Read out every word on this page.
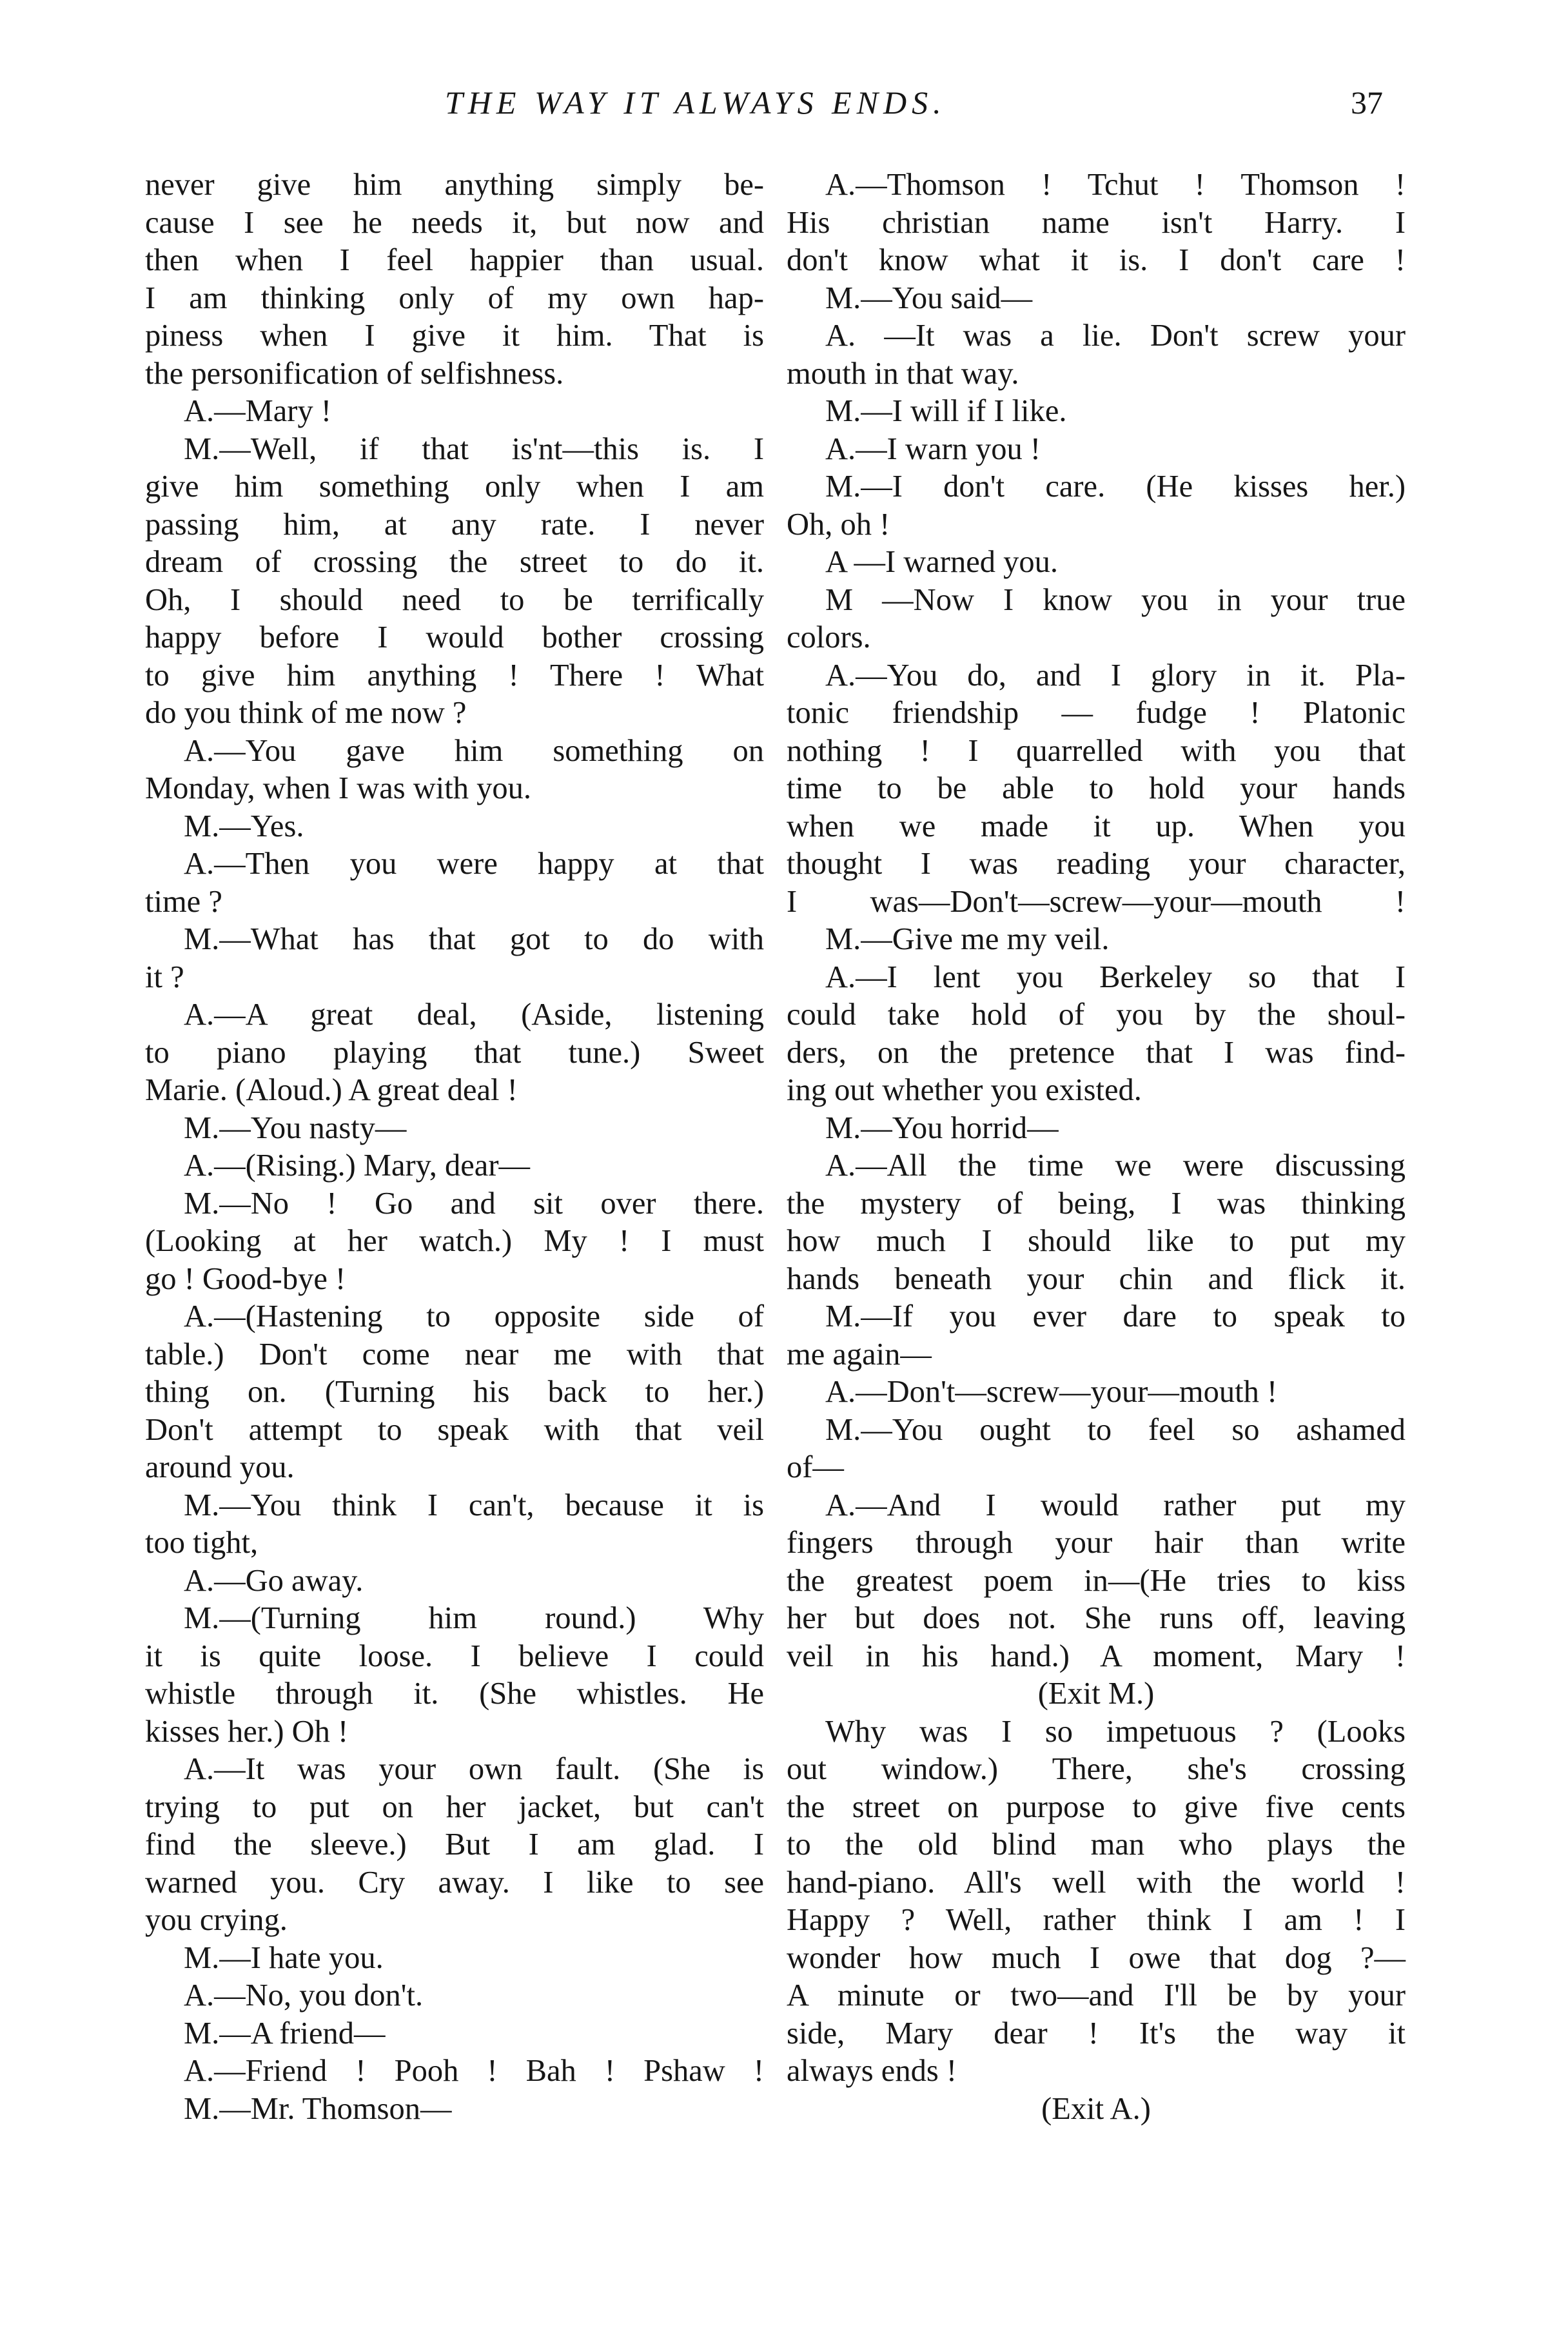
THE WAY IT ALWAYS ENDS.	37

never give him anything simply be-

cause I see he needs it, but now and

then when I feel happier than usual.

I am thinking only of my own hap-

piness when I give it him. That is

the personification of selfishness.

A.—Mary !

M.—Well, if that is'nt—this is. I

give him something only when I am

passing him, at any rate. I never

dream of crossing the street to do it.

Oh, I should need to be terrifically

happy before I would bother crossing

to give him anything ! There ! What

do you think of me now ?

A.—You gave him something on

Monday, when I was with you.

M.—Yes.

A.—Then you were happy at that

time ?

M.—What has that got to do with

it ?

A.—A great deal, (Aside, listening

to piano playing that tune.) Sweet

Marie. (Aloud.) A great deal !

M.—You nasty—

A.—(Rising.) Mary, dear—

M.—No ! Go and sit over there.

(Looking at her watch.) My ! I must

go ! Good-bye !

A.—(Hastening to opposite side of

table.) Don't come near me with that

thing on. (Turning his back to her.)

Don't attempt to speak with that veil

around you.

M.—You think I can't, because it is

too tight,

A.—Go away.

M.—(Turning him round.) Why

it is quite loose. I believe I could

whistle through it. (She whistles. He

kisses her.) Oh !

A.—It was your own fault. (She is

trying to put on her jacket, but can't

find the sleeve.) But I am glad. I

warned you. Cry away. I like to see

you crying.

M.—I hate you.

A.—No, you don't.

M.—A friend—

A.—Friend ! Pooh ! Bah ! Pshaw !

M.—Mr. Thomson—

A.—Thomson ! Tchut ! Thomson !

His christian name isn't Harry. I

don't know what it is. I don't care !

M.—You said—

A. —It was a lie. Don't screw your

mouth in that way.

M.—I will if I like.

A.—I warn you !

M.—I don't care. (He kisses her.)

Oh, oh !

A —I warned you.

M —Now I know you in your true

colors.

A.—You do, and I glory in it. Pla-

tonic friendship — fudge ! Platonic

nothing ! I quarrelled with you that

time to be able to hold your hands

when we made it up. When you

thought I was reading your character,

I was—Don't—screw—your—mouth !

M.—Give me my veil.

A.—I lent you Berkeley so that I

could take hold of you by the shoul-

ders, on the pretence that I was find-

ing out whether you existed.

M.—You horrid—

A.—All the time we were discussing

the mystery of being, I was thinking

how much I should like to put my

hands beneath your chin and flick it.

M.—If you ever dare to speak to

me again—

A.—Don't—screw—your—mouth !

M.—You ought to feel so ashamed

of—

A.—And I would rather put my

fingers through your hair than write

the greatest poem in—(He tries to kiss

her but does not. She runs off, leaving

veil in his hand.) A moment, Mary !

(Exit M.)

Why was I so impetuous ? (Looks

out window.) There, she's crossing

the street on purpose to give five cents

to the old blind man who plays the

hand-piano. All's well with the world !

Happy ? Well, rather think I am ! I

wonder how much I owe that dog ?—

A minute or two—and I'll be by your

side, Mary dear ! It's the way it

always ends !

(Exit A.)
